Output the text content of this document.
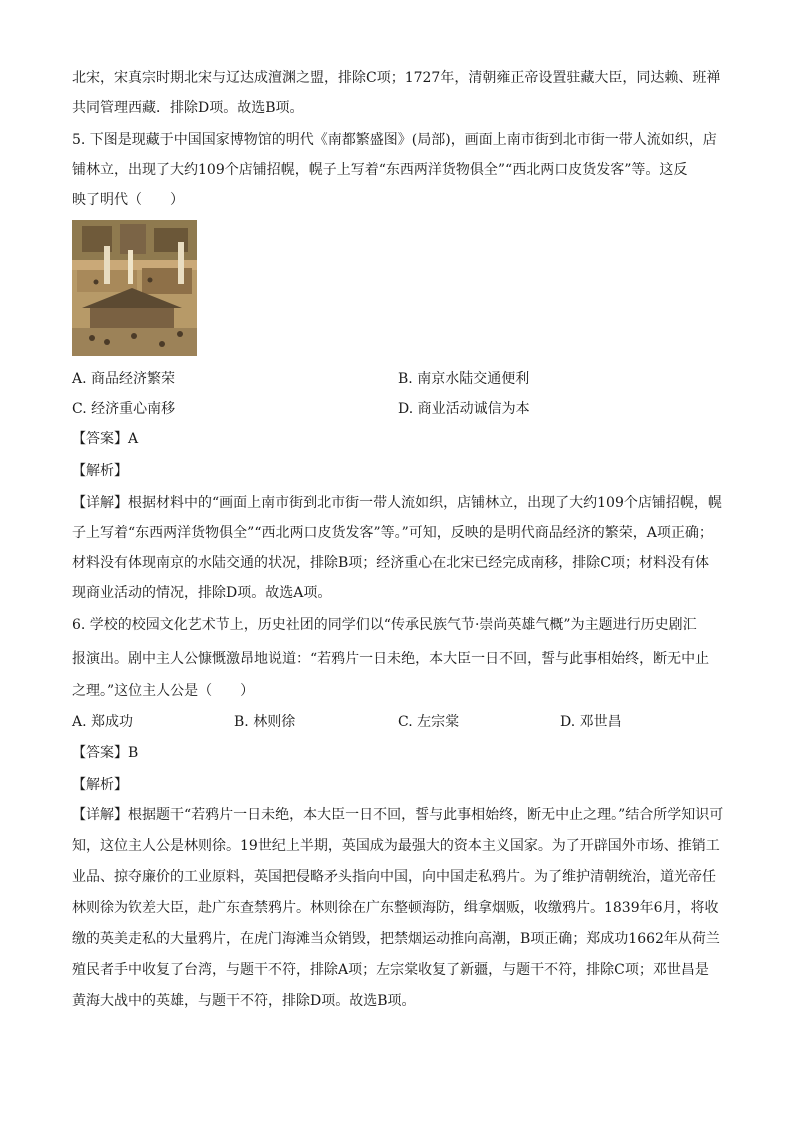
北宋，宋真宗时期北宋与辽达成澶渊之盟，排除C项；1727年，清朝雍正帝设置驻藏大臣，同达赖、班禅

共同管理西藏．排除D项。故选B项。

5. 下图是现藏于中国国家博物馆的明代《南都繁盛图》(局部)，画面上南市街到北市街一带人流如织，店

铺林立，出现了大约109个店铺招幌，幌子上写着“东西两洋货物俱全”“西北两口皮货发客”等。这反

映了明代（　　）

A. 商品经济繁荣	B. 南京水陆交通便利
C. 经济重心南移	D. 商业活动诚信为本
【答案】A
【解析】

【详解】根据材料中的“画面上南市街到北市街一带人流如织，店铺林立，出现了大约109个店铺招幌，幌

子上写着“东西两洋货物俱全”“西北两口皮货发客”等。”可知，反映的是明代商品经济的繁荣，A项正确；

材料没有体现南京的水陆交通的状况，排除B项；经济重心在北宋已经完成南移，排除C项；材料没有体

现商业活动的情况，排除D项。故选A项。

6. 学校的校园文化艺术节上，历史社团的同学们以“传承民族气节·崇尚英雄气概”为主题进行历史剧汇

报演出。剧中主人公慷慨激昂地说道：“若鸦片一日未绝，本大臣一日不回，誓与此事相始终，断无中止

之理。”这位主人公是（　　）

A. 郑成功	B. 林则徐	C. 左宗棠	D. 邓世昌
【答案】B
【解析】

【详解】根据题干“若鸦片一日未绝，本大臣一日不回，誓与此事相始终，断无中止之理。”结合所学知识可

知，这位主人公是林则徐。19世纪上半期，英国成为最强大的资本主义国家。为了开辟国外市场、推销工

业品、掠夺廉价的工业原料，英国把侵略矛头指向中国，向中国走私鸦片。为了维护清朝统治，道光帝任

林则徐为钦差大臣，赴广东查禁鸦片。林则徐在广东整顿海防，缉拿烟贩，收缴鸦片。1839年6月，将收

缴的英美走私的大量鸦片，在虎门海滩当众销毁，把禁烟运动推向高潮，B项正确；郑成功1662年从荷兰

殖民者手中收复了台湾，与题干不符，排除A项；左宗棠收复了新疆，与题干不符，排除C项；邓世昌是

黄海大战中的英雄，与题干不符，排除D项。故选B项。
